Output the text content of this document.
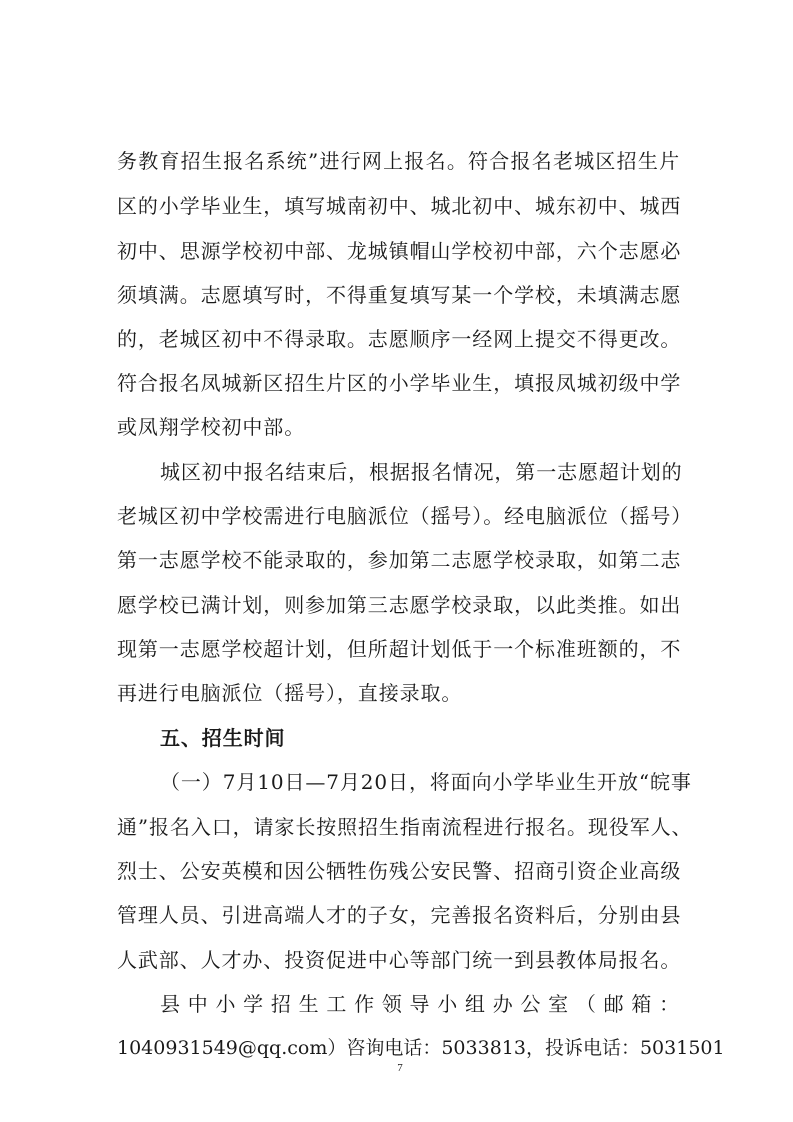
务教育招生报名系统”进行网上报名。符合报名老城区招生片
区的小学毕业生，填写城南初中、城北初中、城东初中、城西
初中、思源学校初中部、龙城镇帽山学校初中部，六个志愿必
须填满。志愿填写时，不得重复填写某一个学校，未填满志愿
的，老城区初中不得录取。志愿顺序一经网上提交不得更改。
符合报名凤城新区招生片区的小学毕业生，填报凤城初级中学
或凤翔学校初中部。
城区初中报名结束后，根据报名情况，第一志愿超计划的
老城区初中学校需进行电脑派位（摇号）。经电脑派位（摇号）
第一志愿学校不能录取的，参加第二志愿学校录取，如第二志
愿学校已满计划，则参加第三志愿学校录取，以此类推。如出
现第一志愿学校超计划，但所超计划低于一个标准班额的，不
再进行电脑派位（摇号），直接录取。
五、招生时间
（一）7月10日—7月20日，将面向小学毕业生开放“皖事
通”报名入口，请家长按照招生指南流程进行报名。现役军人、
烈士、公安英模和因公牺牲伤残公安民警、招商引资企业高级
管理人员、引进高端人才的子女，完善报名资料后，分别由县
人武部、人才办、投资促进中心等部门统一到县教体局报名。
县中小学招生工作领导小组办公室（邮箱：
1040931549@qq.com）咨询电话：5033813，投诉电话：5031501
7
